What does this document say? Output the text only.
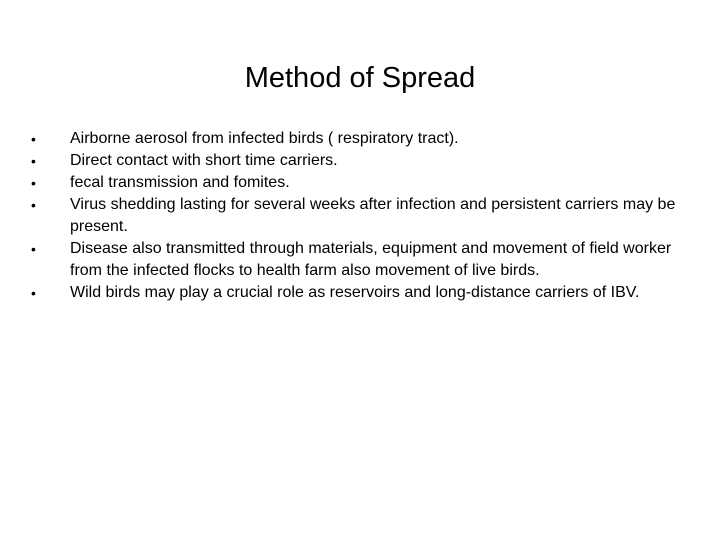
Method of Spread
• Airborne aerosol from infected birds ( respiratory tract).
• Direct contact with short time carriers.
• fecal transmission and fomites.
• Virus shedding lasting for several weeks after infection and persistent carriers may be present.
• Disease also transmitted through materials, equipment and movement of field worker from the infected flocks to health farm also movement of live birds.
• Wild birds may play a crucial role as reservoirs and long-distance carriers of IBV.
